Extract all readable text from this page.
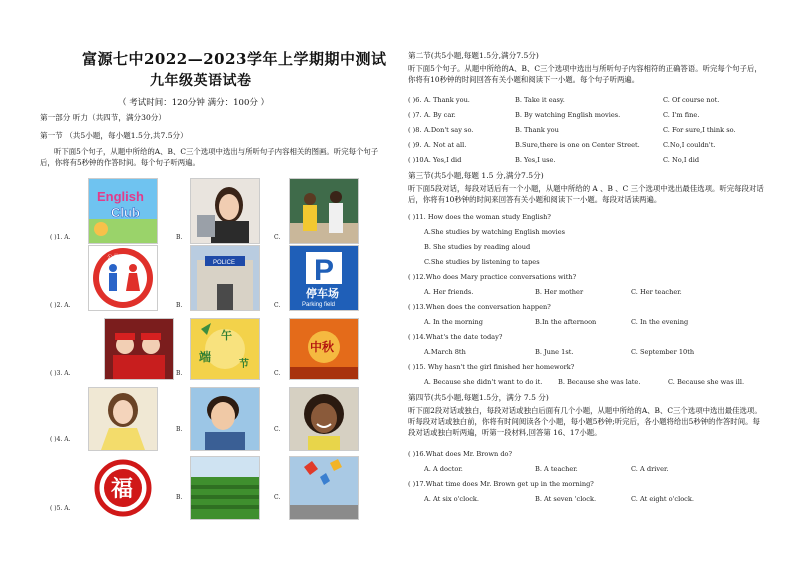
富源七中2022—2023学年上学期期中测试
九年级英语试卷
（ 考试时间：120分钟 满分：100分 ）
第一部分 听力（共四节，满分30分）
第一节 （共5小题，每小题1.5分,共7.5分）
听下面5个句子，从题中所给的A、B、C三个选项中选出与所听句子内容相关的图画。听完每个句子后，你将有5秒钟的作答时间。每个句子听两遍。
( )1. A.
English
Club
B.	C.
( )2. A.
公共WC
B.
POLICE
C.
P
停车场
Parking field
( )3. A.	B.
端
午
节
C.
中秋
( )4. A.
B.	C.
( )5. A.
福	B.	C.
第二节(共5小题,每题1.5分,满分7.5分)
听下面5个句子。从题中所给的A、B、C三个选项中选出与所听句子内容相符的正确答语。听完每个句子后，你将有10秒钟的时间回答有关小题和阅读下一小题。每个句子听两遍。
( )6. A. Thank you.	B. Take it easy.	C. Of course not.
( )7. A. By car.	B. By watching English movies.	C. I'm fine.
( )8. A.Don't say so.	B. Thank you	C. For sure,I think so.
( )9. A. Not at all.	B.Sure,there is one on Center Street.	C.No,I couldn't.
( )10.
A. Yes,I did	B. Yes,I use.	C. No,I did
第三节(共5小题,每题 1.5 分,满分7.5分)
听下面5段对话，每段对话后有一个小题，从题中所给的 A 、B 、C 三个选项中选出最佳选项。听完每段对话后，你将有10秒钟的时间来回答有关小题和阅读下一小题。每段对话读两遍。
( )11. How does the woman study English?
A.She studies by watching English movies
B. She studies by reading aloud
C.She studies by listening to tapes
( )12.Who does Mary practice conversations with?
A. Her friends.	B. Her mother	C. Her teacher.
( )13.When does the conversation happen?
A. In the morning	B.In the afternoon	C. In the evening
( )14.What's the date today?
A.March 8th	B. June 1st.	C. September 10th
( )15. Why hasn't the girl finished her homework?
A. Because she didn't want to do it. B. Because she was late.	C. Because she was ill.
第四节(共5小题,每题1.5分，满分 7.5 分)
听下面2段对话或独白，每段对话或独白后面有几个小题，从题中所给的A、B、C三个选项中选出最佳选项。听每段对话或独白前，你将有时间阅读各个小题，每小题5秒钟;听完后，各小题将给出5秒钟的作答时间。每段对话或独白听两遍，听第一段材料,回答第 16、17小题。
( )16.What does Mr. Brown do?
A. A doctor.	B. A teacher.	C. A driver.
( )17.What time does Mr. Brown get up in the morning?
A. At six o'clock.	B. At seven 'clock.	C. At eight o'clock.
